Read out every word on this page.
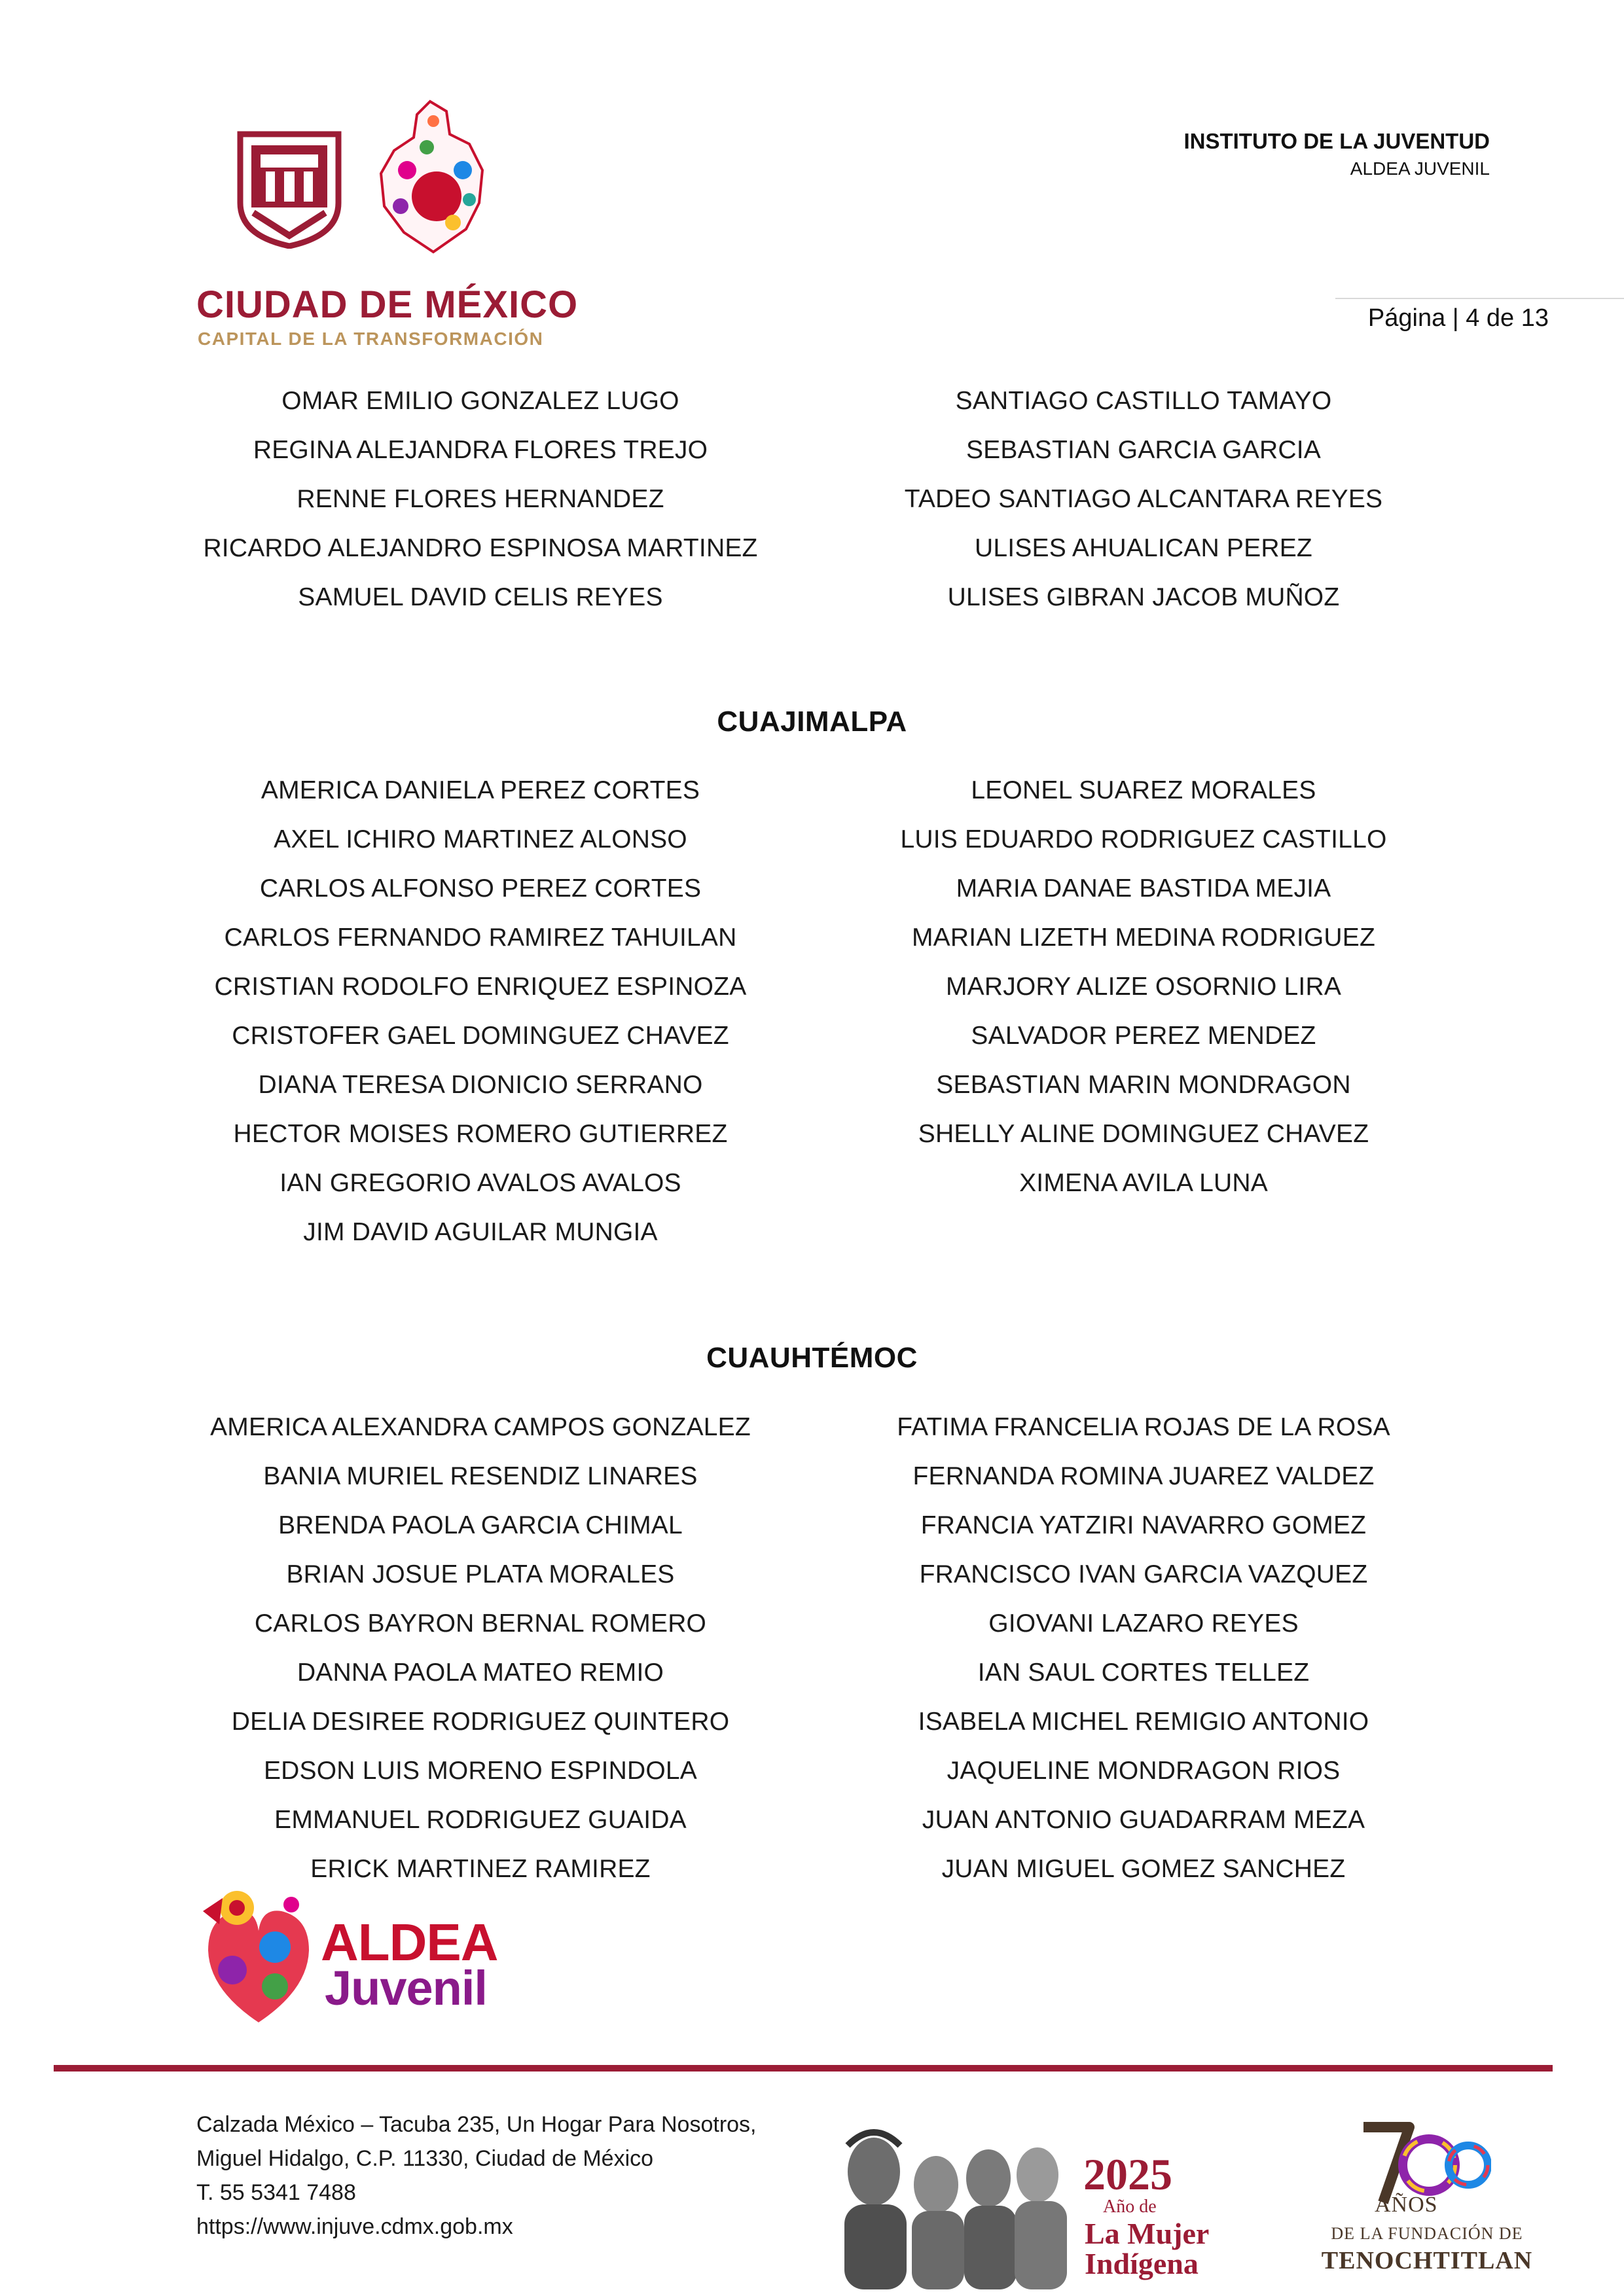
CIUDAD DE MÉXICO
CAPITAL DE LA TRANSFORMACIÓN
INSTITUTO DE LA JUVENTUD
ALDEA JUVENIL
Página | 4 de 13
OMAR EMILIO GONZALEZ LUGO
REGINA ALEJANDRA FLORES TREJO
RENNE FLORES HERNANDEZ
RICARDO ALEJANDRO ESPINOSA MARTINEZ
SAMUEL DAVID CELIS REYES
SANTIAGO CASTILLO TAMAYO
SEBASTIAN GARCIA GARCIA
TADEO SANTIAGO ALCANTARA REYES
ULISES AHUALICAN PEREZ
ULISES GIBRAN JACOB MUÑOZ
CUAJIMALPA
AMERICA DANIELA PEREZ CORTES
AXEL ICHIRO MARTINEZ ALONSO
CARLOS ALFONSO PEREZ CORTES
CARLOS FERNANDO RAMIREZ TAHUILAN
CRISTIAN RODOLFO ENRIQUEZ ESPINOZA
CRISTOFER GAEL DOMINGUEZ CHAVEZ
DIANA TERESA DIONICIO SERRANO
HECTOR MOISES ROMERO GUTIERREZ
IAN GREGORIO AVALOS AVALOS
JIM DAVID AGUILAR MUNGIA
LEONEL SUAREZ MORALES
LUIS EDUARDO RODRIGUEZ CASTILLO
MARIA DANAE BASTIDA MEJIA
MARIAN LIZETH MEDINA RODRIGUEZ
MARJORY ALIZE OSORNIO LIRA
SALVADOR PEREZ MENDEZ
SEBASTIAN MARIN MONDRAGON
SHELLY ALINE DOMINGUEZ CHAVEZ
XIMENA AVILA LUNA
CUAUHTÉMOC
AMERICA ALEXANDRA CAMPOS GONZALEZ
BANIA MURIEL RESENDIZ LINARES
BRENDA PAOLA GARCIA CHIMAL
BRIAN JOSUE PLATA MORALES
CARLOS BAYRON BERNAL ROMERO
DANNA PAOLA MATEO REMIO
DELIA DESIREE RODRIGUEZ QUINTERO
EDSON LUIS MORENO ESPINDOLA
EMMANUEL RODRIGUEZ GUAIDA
ERICK MARTINEZ RAMIREZ
FATIMA FRANCELIA ROJAS DE LA ROSA
FERNANDA ROMINA JUAREZ VALDEZ
FRANCIA YATZIRI NAVARRO GOMEZ
FRANCISCO IVAN GARCIA VAZQUEZ
GIOVANI LAZARO REYES
IAN SAUL CORTES TELLEZ
ISABELA MICHEL REMIGIO ANTONIO
JAQUELINE MONDRAGON RIOS
JUAN ANTONIO GUADARRAM MEZA
JUAN MIGUEL GOMEZ SANCHEZ
ALDEA
Juvenil
Calzada México – Tacuba 235, Un Hogar Para Nosotros,
Miguel Hidalgo, C.P. 11330, Ciudad de México
T. 55 5341 7488
https://www.injuve.cdmx.gob.mx
2025
Año de
La Mujer
Indígena
AÑOS
DE LA FUNDACIÓN DE
TENOCHTITLAN
